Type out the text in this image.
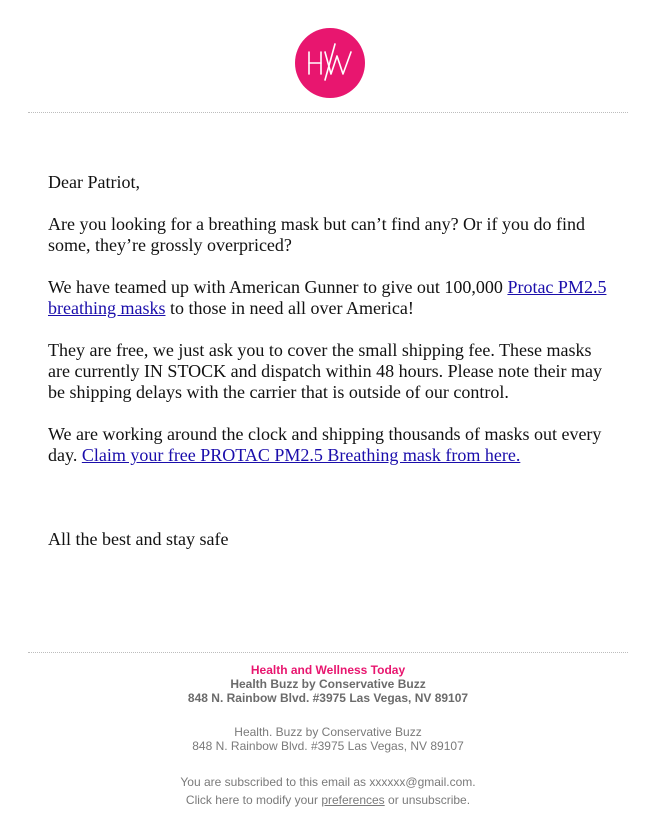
Dear Patriot,

Are you looking for a breathing mask but can’t find any? Or if you do find some, they’re grossly overpriced?

We have teamed up with American Gunner to give out 100,000 Protac PM2.5 breathing masks to those in need all over America!

They are free, we just ask you to cover the small shipping fee. These masks are currently IN STOCK and dispatch within 48 hours. Please note their may be shipping delays with the carrier that is outside of our control.

We are working around the clock and shipping thousands of masks out every day. Claim your free PROTAC PM2.5 Breathing mask from here.

All the best and stay safe

Health and Wellness Today
Health Buzz by Conservative Buzz
848 N. Rainbow Blvd. #3975 Las Vegas, NV 89107
Health. Buzz by Conservative Buzz
848 N. Rainbow Blvd. #3975 Las Vegas, NV 89107
You are subscribed to this email as xxxxxx@gmail.com.
Click here to modify your preferences or unsubscribe.
